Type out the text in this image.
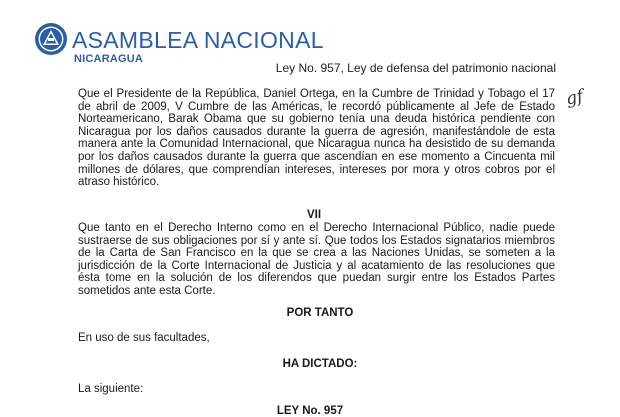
ASAMBLEA NACIONAL
NICARAGUA
Ley No. 957, Ley de defensa del patrimonio nacional
gf
Que el Presidente de la República, Daniel Ortega, en la Cumbre de Trinidad y Tobago el 17 de abril de 2009, V Cumbre de las Américas, le recordó públicamente al Jefe de Estado Norteamericano, Barak Obama que su gobierno tenía una deuda histórica pendiente con Nicaragua por los daños causados durante la guerra de agresión, manifestándole de esta manera ante la Comunidad Internacional, que Nicaragua nunca ha desistido de su demanda por los daños causados durante la guerra que ascendían en ese momento a Cincuenta mil millones de dólares, que comprendían intereses, intereses por mora y otros cobros por el atraso histórico.
VII
Que tanto en el Derecho Interno como en el Derecho Internacional Público, nadie puede sustraerse de sus obligaciones por sí y ante sí. Que todos los Estados signatarios miembros de la Carta de San Francisco en la que se crea a las Naciones Unidas, se someten a la jurisdicción de la Corte Internacional de Justicia y al acatamiento de las resoluciones que ésta tome en la solución de los diferendos que puedan surgir entre los Estados Partes sometidos ante esta Corte.
POR TANTO
En uso de sus facultades,
HA DICTADO:
La siguiente:
LEY No. 957
